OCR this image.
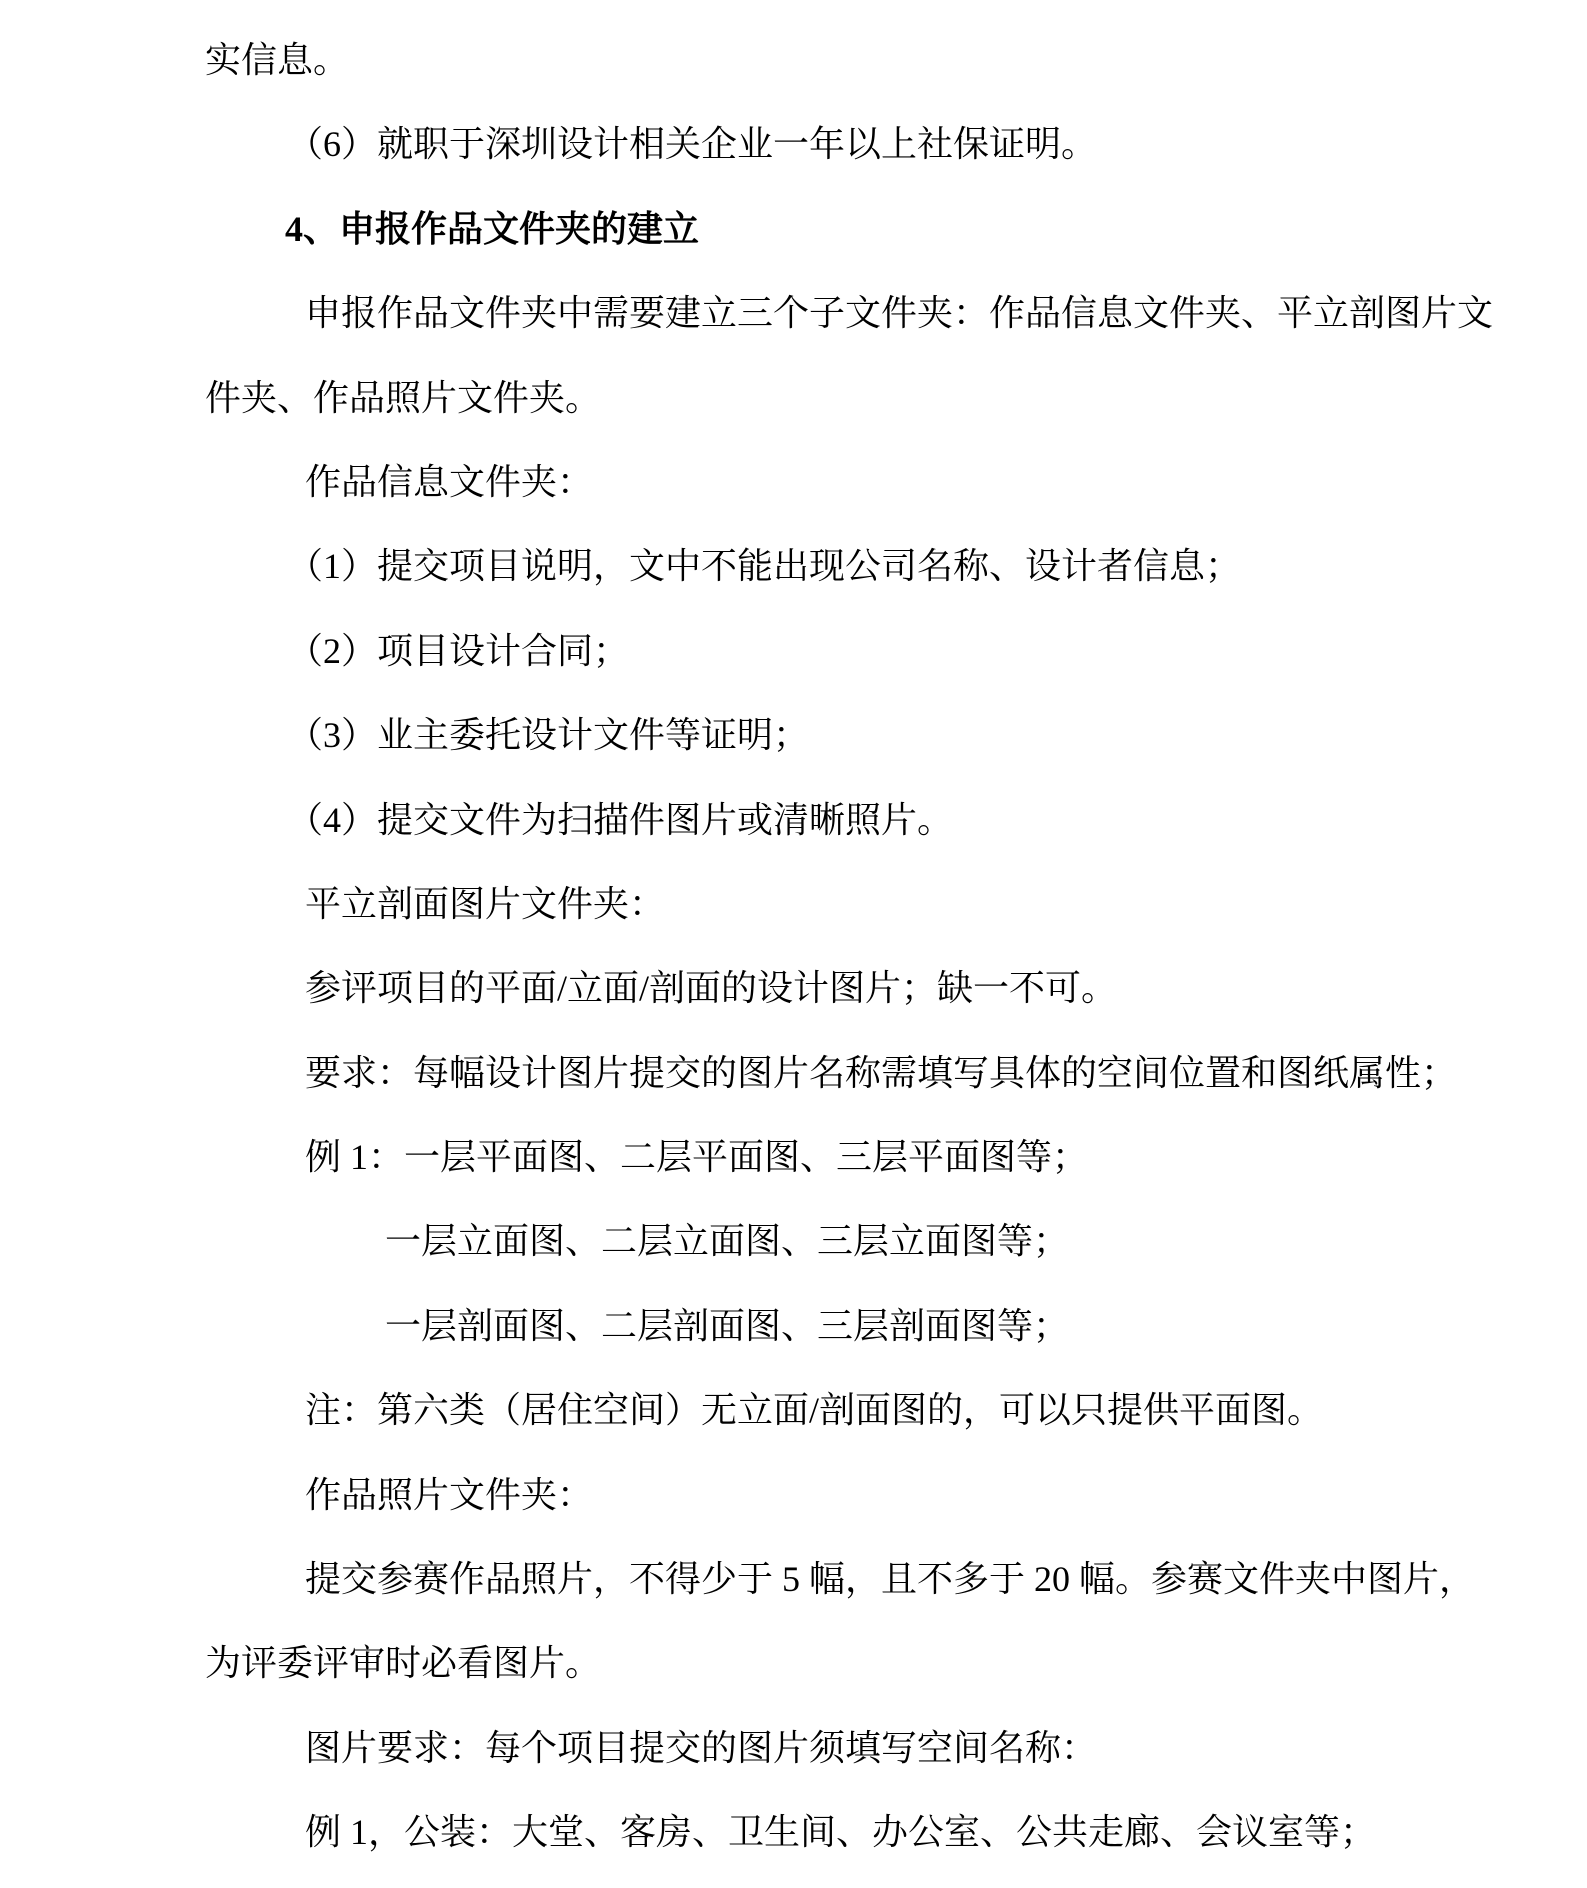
实信息。
（6）就职于深圳设计相关企业一年以上社保证明。
4、申报作品文件夹的建立
申报作品文件夹中需要建立三个子文件夹：作品信息文件夹、平立剖图片文
件夹、作品照片文件夹。
作品信息文件夹：
（1）提交项目说明，文中不能出现公司名称、设计者信息；
（2）项目设计合同；
（3）业主委托设计文件等证明；
（4）提交文件为扫描件图片或清晰照片。
平立剖面图片文件夹：
参评项目的平面/立面/剖面的设计图片；缺一不可。
要求：每幅设计图片提交的图片名称需填写具体的空间位置和图纸属性；
例 1：一层平面图、二层平面图、三层平面图等；
一层立面图、二层立面图、三层立面图等；
一层剖面图、二层剖面图、三层剖面图等；
注：第六类（居住空间）无立面/剖面图的，可以只提供平面图。
作品照片文件夹：
提交参赛作品照片，不得少于 5 幅，且不多于 20 幅。参赛文件夹中图片，
为评委评审时必看图片。
图片要求：每个项目提交的图片须填写空间名称：
例 1，公装：大堂、客房、卫生间、办公室、公共走廊、会议室等；
